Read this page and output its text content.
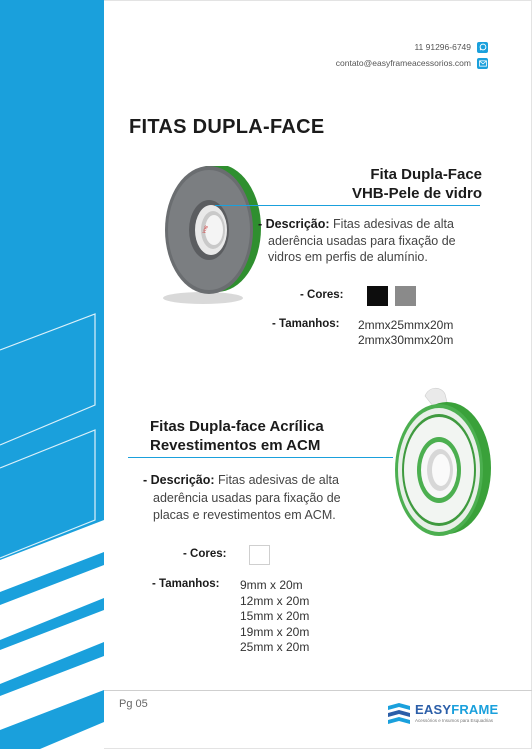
11 91296-6749
contato@easyframeacessorios.com
FITAS DUPLA-FACE
VHB
Fita Dupla-Face
VHB-Pele de vidro
- Descrição: Fitas adesivas de alta
aderência usadas para fixação de
vidros em perfis de alumínio.
- Cores:
- Tamanhos: 2mmx25mmx20m
2mmx30mmx20m
Fitas Dupla-face Acrílica
Revestimentos em ACM
- Descrição: Fitas adesivas de alta
aderência usadas para fixação de
placas e revestimentos em ACM.
- Cores:
- Tamanhos: 9mm x 20m
12mm x 20m
15mm x 20m
19mm x 20m
25mm x 20m
Pg 05	EASYFRAME
Acessórios e Insumos para Esquadrias
